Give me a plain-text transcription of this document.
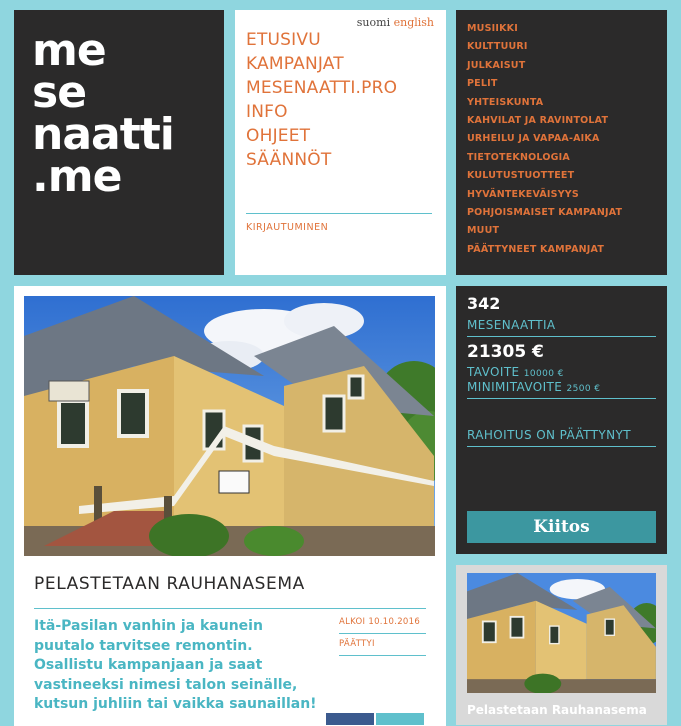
me
se
naatti
.me
suomi english
ETUSIVU
KAMPANJAT
MESENAATTI.PRO
INFO
OHJEET
SÄÄNNÖT
KIRJAUTUMINEN
MUSIIKKI
KULTTUURI
JULKAISUT
PELIT
YHTEISKUNTA
KAHVILAT JA RAVINTOLAT
URHEILU JA VAPAA-AIKA
TIETOTEKNOLOGIA
KULUTUSTUOTTEET
HYVÄNTEKEVÄISYYS
POHJOISMAISET KAMPANJAT
MUUT
PÄÄTTYNEET KAMPANJAT
PELASTETAAN RAUHANASEMA
Itä-Pasilan vanhin ja kaunein puutalo tarvitsee remontin. Osallistu kampanjaan ja saat vastineeksi nimesi talon seinälle, kutsun juhliin tai vaikka saunaillan!
ALKOI 10.10.2016
PÄÄTTYI
342
MESENAATTIA
21305 €
TAVOITE 10000 €
MINIMITAVOITE 2500 €
RAHOITUS ON PÄÄTTYNYT
Kiitos
Pelastetaan Rauhanasema
